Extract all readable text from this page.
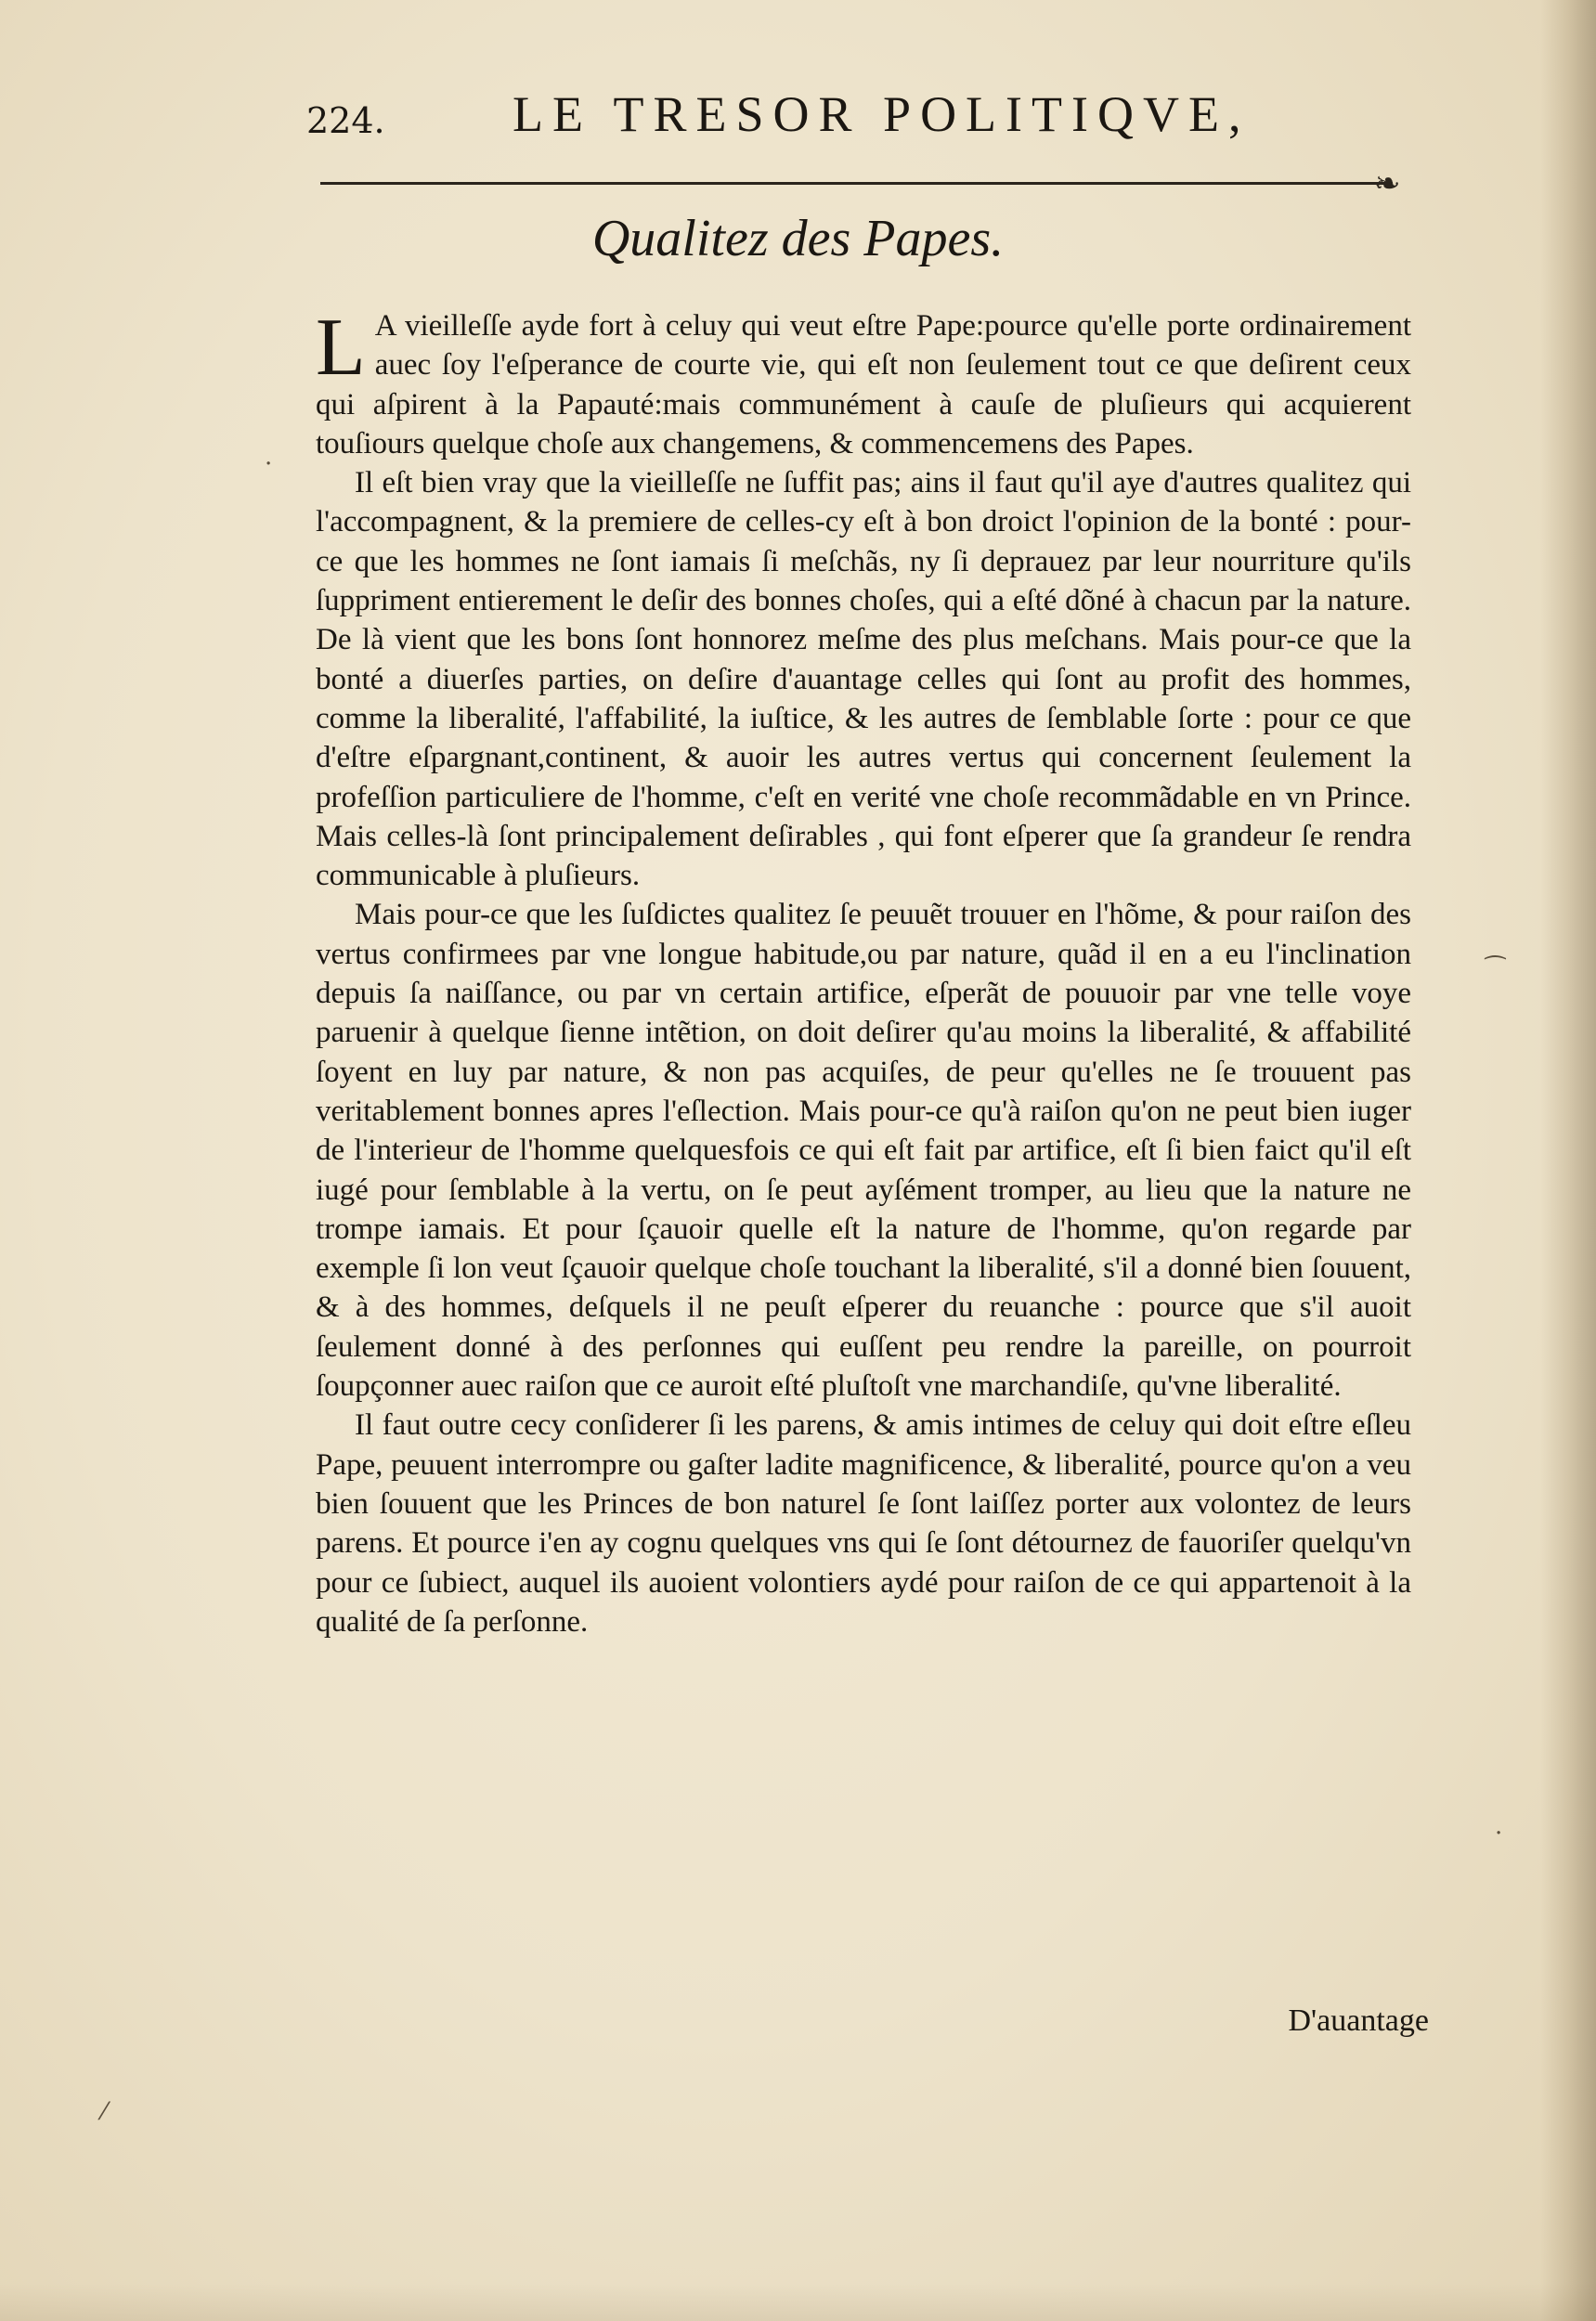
224.	LE TRESOR POLITIQVE,
❧
Qualitez des Papes.

L A vieilleſſe ayde fort à celuy qui veut eſtre Pape:pource qu'elle porte ordinairement auec ſoy l'eſperance de courte vie, qui eſt non ſeulement tout ce que deſirent ceux qui aſpirent à la Papauté:mais communément à cauſe de pluſieurs qui acquierent touſiours quelque choſe aux changemens, & commencemens des Papes.

Il eſt bien vray que la vieilleſſe ne ſuffit pas; ains il faut qu'il aye d'autres qualitez qui l'accompagnent, & la premiere de celles-cy eſt à bon droict l'opinion de la bonté : pour-ce que les hommes ne ſont iamais ſi meſchãs, ny ſi deprauez par leur nourriture qu'ils ſuppriment entierement le deſir des bonnes choſes, qui a eſté dõné à chacun par la nature. De là vient que les bons ſont honnorez meſme des plus meſchans. Mais pour-ce que la bonté a diuerſes parties, on deſire d'auantage celles qui ſont au profit des hommes, comme la liberalité, l'affabilité, la iuſtice, & les autres de ſemblable ſorte : pour ce que d'eſtre eſpargnant,continent, & auoir les autres vertus qui concernent ſeulement la profeſſion particuliere de l'homme, c'eſt en verité vne choſe recommãdable en vn Prince. Mais celles-là ſont principalement deſirables , qui font eſperer que ſa grandeur ſe rendra communicable à pluſieurs.

Mais pour-ce que les ſuſdictes qualitez ſe peuuẽt trouuer en l'hõme, & pour raiſon des vertus confirmees par vne longue habitude,ou par nature, quãd il en a eu l'inclination depuis ſa naiſſance, ou par vn certain artifice, eſperãt de pouuoir par vne telle voye paruenir à quelque ſienne intẽtion, on doit deſirer qu'au moins la liberalité, & affabilité ſoyent en luy par nature, & non pas acquiſes, de peur qu'elles ne ſe trouuent pas veritablement bonnes apres l'eſlection. Mais pour-ce qu'à raiſon qu'on ne peut bien iuger de l'interieur de l'homme quelquesfois ce qui eſt fait par artifice, eſt ſi bien faict qu'il eſt iugé pour ſemblable à la vertu, on ſe peut ayſément tromper, au lieu que la nature ne trompe iamais. Et pour ſçauoir quelle eſt la nature de l'homme, qu'on regarde par exemple ſi lon veut ſçauoir quelque choſe touchant la liberalité, s'il a donné bien ſouuent, & à des hommes, deſquels il ne peuſt eſperer du reuanche : pource que s'il auoit ſeulement donné à des perſonnes qui euſſent peu rendre la pareille, on pourroit ſoupçonner auec raiſon que ce auroit eſté pluſtoſt vne marchandiſe, qu'vne liberalité.

Il faut outre cecy conſiderer ſi les parens, & amis intimes de celuy qui doit eſtre eſleu Pape, peuuent interrompre ou gaſter ladite magnificence, & liberalité, pource qu'on a veu bien ſouuent que les Princes de bon naturel ſe ſont laiſſez porter aux volontez de leurs parens. Et pource i'en ay cognu quelques vns qui ſe ſont détournez de fauoriſer quelqu'vn pour ce ſubiect, auquel ils auoient volontiers aydé pour raiſon de ce qui appartenoit à la qualité de ſa perſonne.

D'auantage
·
⁀
·
⁄
